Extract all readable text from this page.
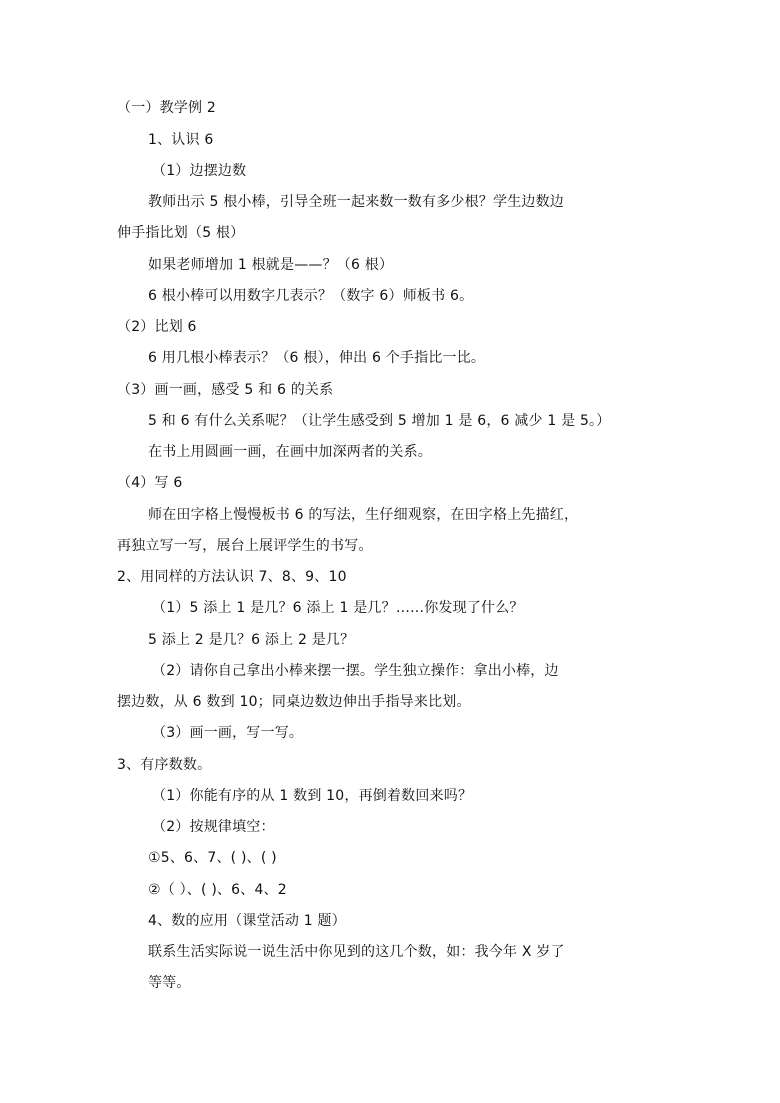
（一）教学例 2
1、认识 6
（1）边摆边数
教师出示 5 根小棒，引导全班一起来数一数有多少根？学生边数边
伸手指比划（5 根）
如果老师增加 1 根就是——？（6 根）
6 根小棒可以用数字几表示？（数字 6）师板书 6。
（2）比划 6
6 用几根小棒表示？（6 根），伸出 6 个手指比一比。
（3）画一画，感受 5 和 6 的关系
5 和 6 有什么关系呢？（让学生感受到 5 增加 1 是 6，6 减少 1 是 5。）
在书上用圆画一画，在画中加深两者的关系。
（4）写 6
师在田字格上慢慢板书 6 的写法，生仔细观察，在田字格上先描红，
再独立写一写，展台上展评学生的书写。
2、用同样的方法认识 7、8、9、10
（1）5 添上 1 是几？6 添上 1 是几？……你发现了什么？
5 添上 2 是几？6 添上 2 是几？
（2）请你自己拿出小棒来摆一摆。学生独立操作：拿出小棒，边
摆边数，从 6 数到 10；同桌边数边伸出手指导来比划。
（3）画一画，写一写。
3、有序数数。
（1）你能有序的从 1 数到 10，再倒着数回来吗？
（2）按规律填空：
①5、6、7、( )、( )
②（ ）、( )、6、4、2
4、数的应用（课堂活动 1 题）
联系生活实际说一说生活中你见到的这几个数，如：我今年 X 岁了
等等。
